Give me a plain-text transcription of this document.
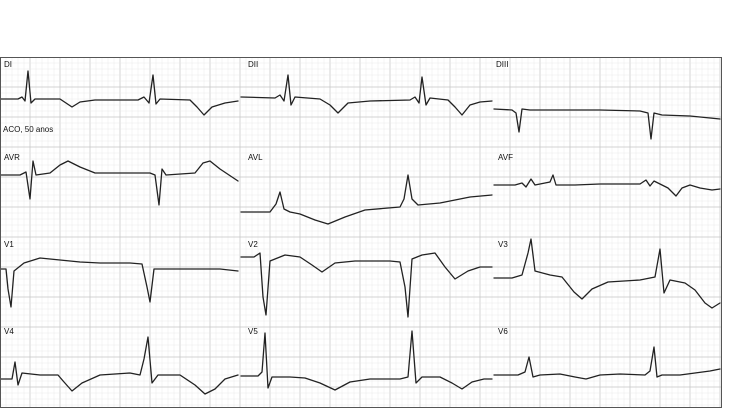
DI	DII	DIII
ACO, 50 anos
AVR	AVL	AVF
V1	V2	V3
V4	V5	V6
